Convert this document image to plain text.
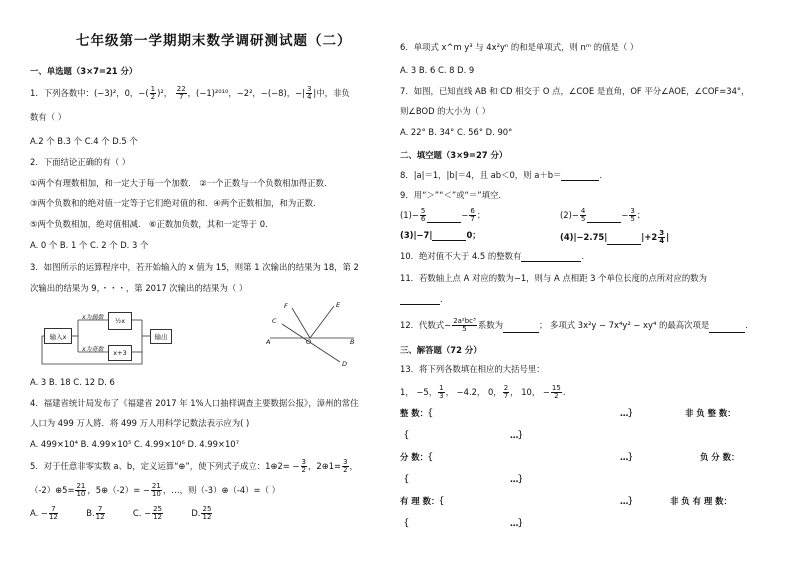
七年级第一学期期末数学调研测试题（二）
一、单选题（3×7=21 分）
1．下列各数中：(−3)²，0，−( $\frac{1}{2} )^2$， $\frac{22}{7}$ ，(−1)²⁰¹⁰，−2²，−(−8)，−| $\frac{3}{4}$ |中，非负
数有（ ）
A.2 个 B.3 个 C.4 个 D.5 个
2．下面结论正确的有（ ）
①两个有理数相加，和一定大于每一个加数． ②一个正数与一个负数相加得正数．
③两个负数和的绝对值一定等于它们绝对值的和．④两个正数相加，和为正数．
⑤两个负数相加，绝对值相减． ⑥正数加负数，其和一定等于 0．
A. 0 个 B. 1 个 C. 2 个 D. 3 个
3．如图所示的运算程序中，若开始输入的 x 值为 15，则第 1 次输出的结果为 18，第 2
次输出的结果为 9，・・・，第 2017 次输出的结果为（ ）
输入x
½x
x+3
输出
x为偶数
x为奇数
F
C
E
A	O	B
D
A. 3 B. 18 C. 12 D. 6
4．福建省统计局发布了《福建省 2017 年 1%人口抽样调查主要数据公报》，漳州的常住
人口为 499 万人將．将 499 万人用科学记数法表示应为( )
A. 499×10⁴ B. 4.99×10⁵ C. 4.99×10⁶ D. 4.99×10⁷
5．对于任意非零实数 a、b，定义运算“⊕”，使下列式子成立：1⊕2= − $\frac{3}{2}$ ，2⊕1= $\frac{3}{2}$ ，
（-2）⊕5= $\frac{21}{10}$ ，5⊕（-2）= − $\frac{21}{10}$ ，…，则（-3）⊕（-4）=（ ）
A. − $\frac{7}{12}$	B. $\frac{7}{12}$	C. − $\frac{25}{12}$	D. $\frac{25}{12}$
6．单项式 x^m y³ 与 4x²yⁿ 的和是单项式，则 nᵐ 的值是（ ）
A. 3 B. 6 C. 8 D. 9
7．如图，已知直线 AB 和 CD 相交于 O 点，∠COE 是直角，OF 平分∠AOE，∠COF=34°，
则∠BOD 的大小为（ ）
A. 22° B. 34° C. 56° D. 90°
二、填空题（3×9=27 分）
8．|a|＝1，|b|＝4，且 ab＜0，则 a＋b＝	．
9．用“＞”“＜”或“＝”填空．
$(1)- \frac{5}{6}$	− $\frac{6}{7}$ ；	$(2)- \frac{4}{5}$	− $\frac{3}{5}$ ；
(3)|−7|	0；	(4)|−2.75|	$|+2 \frac{3}{4}$ |
10．绝对值不大于 4.5 的整数有	．
11．若数轴上点 A 对应的数为−1，则与 A 点相距 3 个单位长度的点所对应的数为
．
12．代数式− $\frac{\text{2a²bc³}}{5}$ 系数为	； 多项式 3x²y − 7x⁴y² − xy⁴ 的最高次项是	．
三、解答题（72 分）
13．将下列各数填在相应的大括号里：
1， −5， $\frac{1}{3}$ ， −4.2， 0， $\frac{2}{7}$ ， 10， − $\frac{15}{2}$ ．
整 数：｛	…｝	非 负 整 数：
｛	…｝
分 数：｛	…｝	负 分 数：
｛	…｝
有 理 数：｛	…｝	非 负 有 理 数：
｛	…｝
